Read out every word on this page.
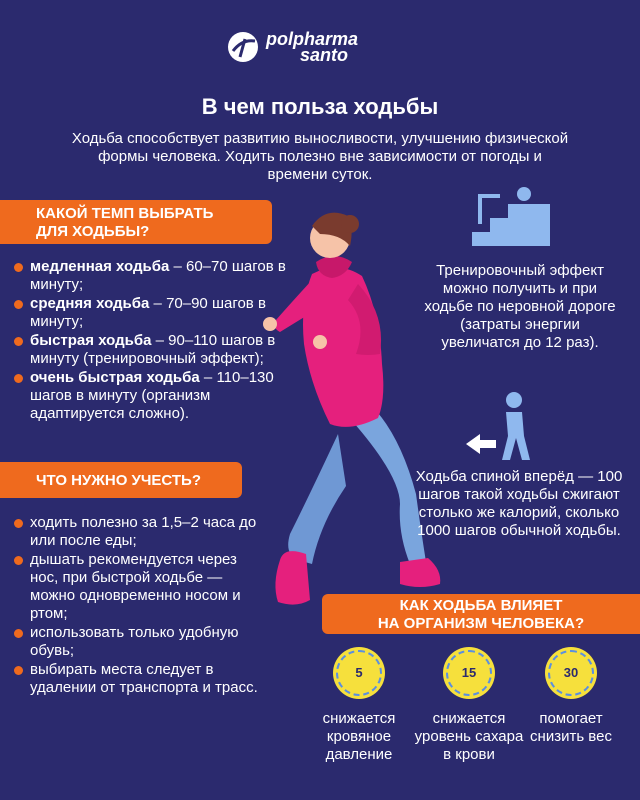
polpharma
santo
В чем польза ходьбы
Ходьба способствует развитию выносливости, улучшению физической формы человека. Ходить полезно вне зависимости от погоды и времени суток.
КАКОЙ ТЕМП ВЫБРАТЬ
ДЛЯ ХОДЬБЫ?
медленная ходьба – 60–70 шагов в минуту;
средняя ходьба – 70–90 шагов в минуту;
быстрая ходьба – 90–110 шагов в минуту (тренировочный эффект);
очень быстрая ходьба – 110–130 шагов в минуту (организм адаптируется сложно).
ЧТО НУЖНО УЧЕСТЬ?
ходить полезно за 1,5–2 часа до или после еды;
дышать рекомендуется через нос, при быстрой ходьбе — можно одновременно носом и ртом;
использовать только удобную обувь;
выбирать места следует в удалении от транспорта и трасс.
Тренировочный эффект можно получить и при ходьбе по неровной дороге (затраты энергии увеличатся до 12 раз).
Ходьба спиной вперёд — 100 шагов такой ходьбы сжигают столько же калорий, сколько 1000 шагов обычной ходьбы.
КАК ХОДЬБА ВЛИЯЕТ
НА ОРГАНИЗМ ЧЕЛОВЕКА?
5
снижается кровяное давление
15
снижается уровень сахара в крови
30
помогает снизить вес
